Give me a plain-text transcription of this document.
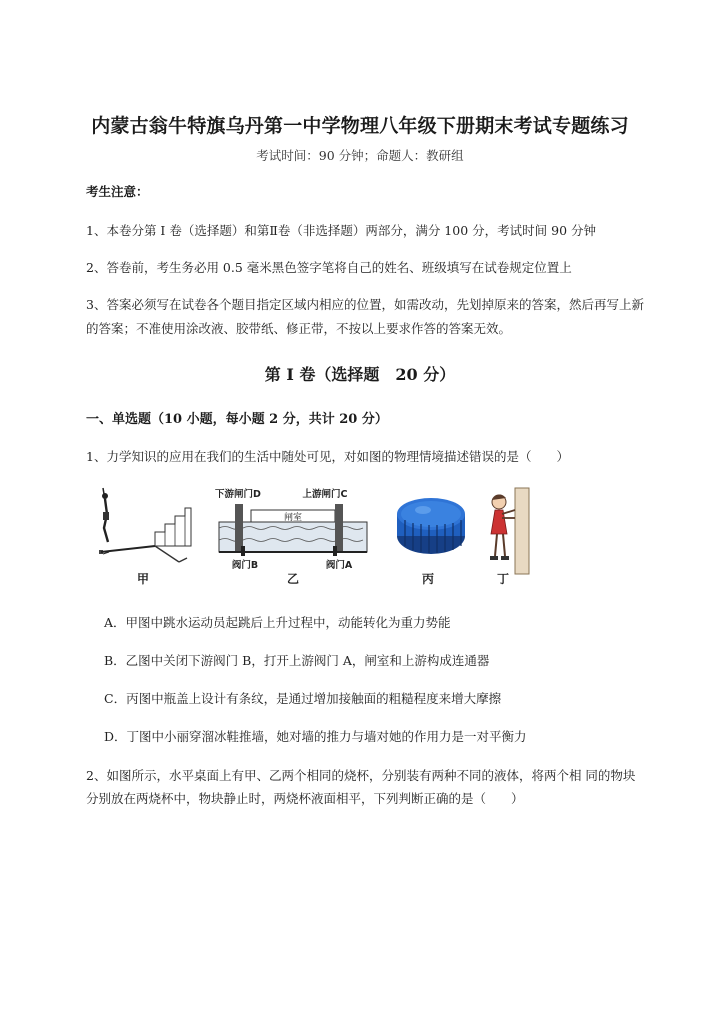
内蒙古翁牛特旗乌丹第一中学物理八年级下册期末考试专题练习
考试时间：90 分钟；命题人：教研组
考生注意：
1、本卷分第 I 卷（选择题）和第Ⅱ卷（非选择题）两部分，满分 100 分，考试时间 90 分钟
2、答卷前，考生务必用 0.5 毫米黑色签字笔将自己的姓名、班级填写在试卷规定位置上
3、答案必须写在试卷各个题目指定区域内相应的位置，如需改动，先划掉原来的答案，然后再写上新
的答案；不准使用涂改液、胶带纸、修正带，不按以上要求作答的答案无效。
第 I 卷（选择题　20 分）
一、单选题（10 小题，每小题 2 分，共计 20 分）
1、力学知识的应用在我们的生活中随处可见，对如图的物理情境描述错误的是（　　）
甲
下游闸门D	上游闸门C
闸室
阀门B	阀门A
乙	丙	丁
A．甲图中跳水运动员起跳后上升过程中，动能转化为重力势能
B．乙图中关闭下游阀门 B，打开上游阀门 A，闸室和上游构成连通器
C．丙图中瓶盖上设计有条纹，是通过增加接触面的粗糙程度来增大摩擦
D．丁图中小丽穿溜冰鞋推墙，她对墙的推力与墙对她的作用力是一对平衡力
2、如图所示，水平桌面上有甲、乙两个相同的烧杯，分别装有两种不同的液体，将两个相 同的物块
分别放在两烧杯中，物块静止时，两烧杯液面相平，下列判断正确的是（　　）
